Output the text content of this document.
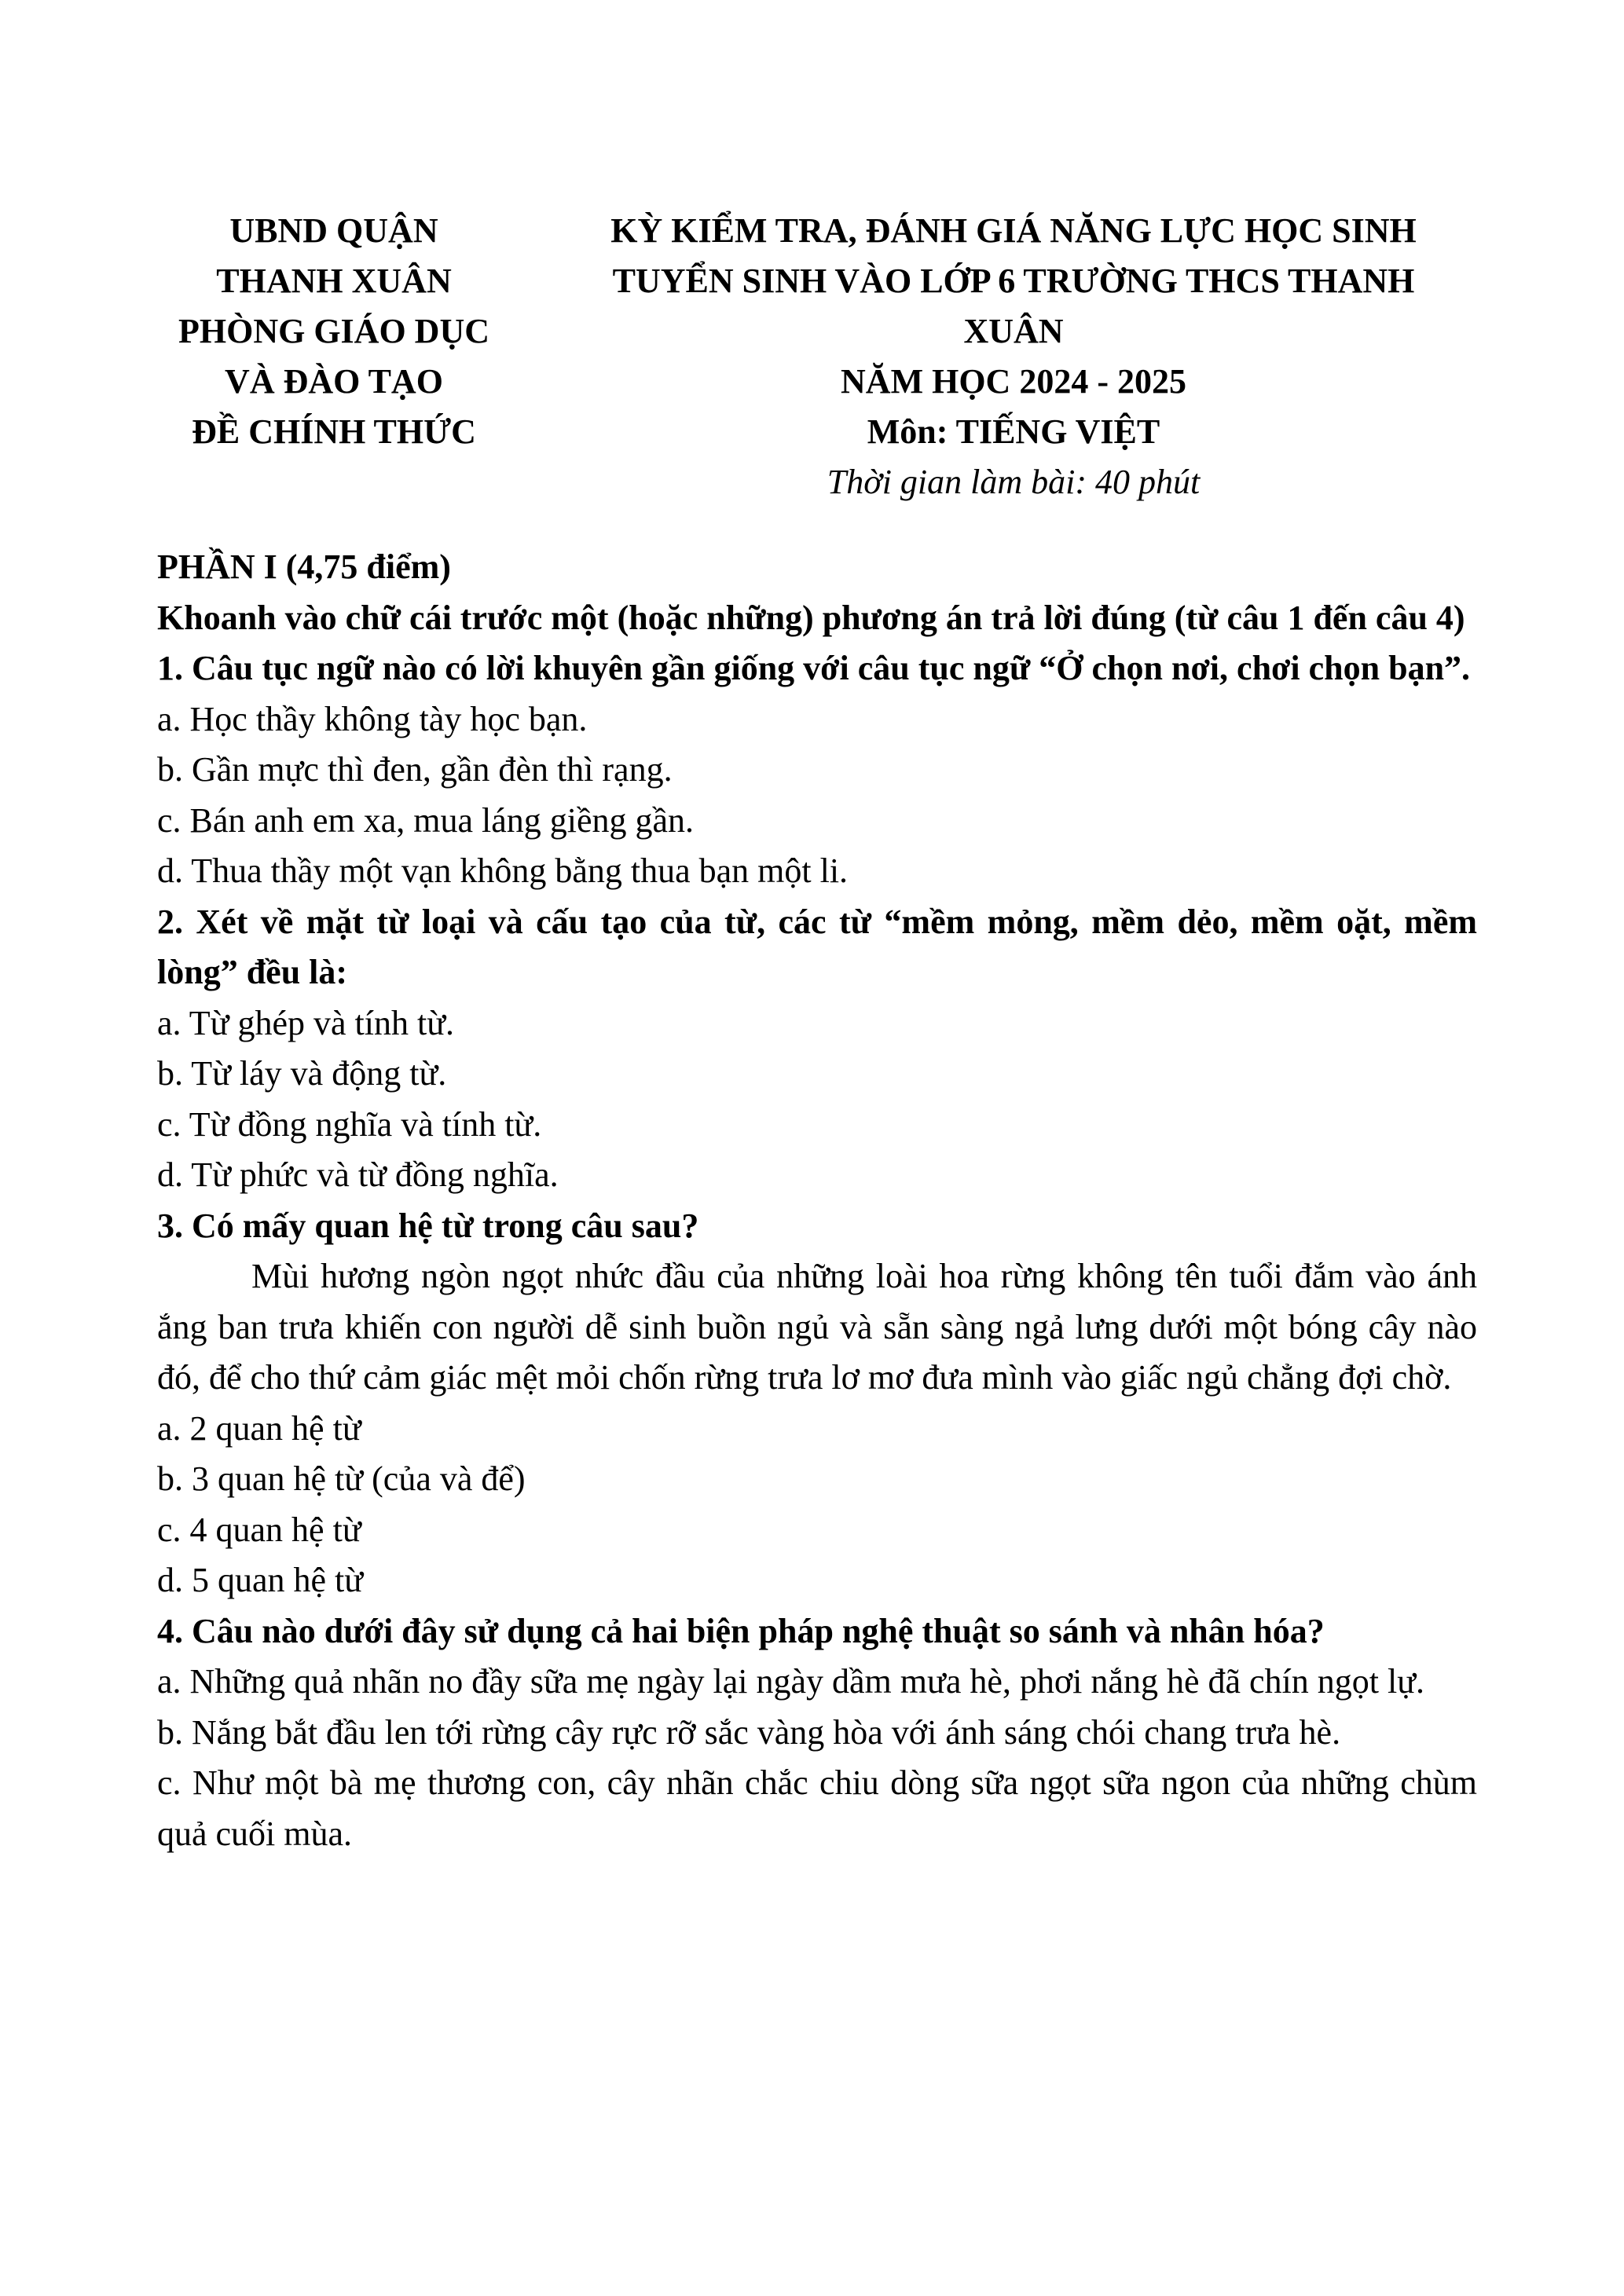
UBND QUẬN
THANH XUÂN
PHÒNG GIÁO DỤC
VÀ ĐÀO TẠO
ĐỀ CHÍNH THỨC
KỲ KIỂM TRA, ĐÁNH GIÁ NĂNG LỰC HỌC SINH
TUYỂN SINH VÀO LỚP 6 TRƯỜNG THCS THANH
XUÂN
NĂM HỌC 2024 - 2025
Môn: TIẾNG VIỆT
Thời gian làm bài: 40 phút

PHẦN I (4,75 điểm)

Khoanh vào chữ cái trước một (hoặc những) phương án trả lời đúng (từ câu 1 đến câu 4)

1. Câu tục ngữ nào có lời khuyên gần giống với câu tục ngữ “Ở chọn nơi, chơi chọn bạn”.

a. Học thầy không tày học bạn.

b. Gần mực thì đen, gần đèn thì rạng.

c. Bán anh em xa, mua láng giềng gần.

d. Thua thầy một vạn không bằng thua bạn một li.

2. Xét về mặt từ loại và cấu tạo của từ, các từ “mềm mỏng, mềm dẻo, mềm oặt, mềm lòng” đều là:

a. Từ ghép và tính từ.

b. Từ láy và động từ.

c. Từ đồng nghĩa và tính từ.

d. Từ phức và từ đồng nghĩa.

3. Có mấy quan hệ từ trong câu sau?

Mùi hương ngòn ngọt nhức đầu của những loài hoa rừng không tên tuổi đắm vào ánh ắng ban trưa khiến con người dễ sinh buồn ngủ và sẵn sàng ngả lưng dưới một bóng cây nào đó, để cho thứ cảm giác mệt mỏi chốn rừng trưa lơ mơ đưa mình vào giấc ngủ chẳng đợi chờ.

a. 2 quan hệ từ

b. 3 quan hệ từ (của và để)

c. 4 quan hệ từ

d. 5 quan hệ từ

4. Câu nào dưới đây sử dụng cả hai biện pháp nghệ thuật so sánh và nhân hóa?

a. Những quả nhãn no đầy sữa mẹ ngày lại ngày dầm mưa hè, phơi nắng hè đã chín ngọt lự.

b. Nắng bắt đầu len tới rừng cây rực rỡ sắc vàng hòa với ánh sáng chói chang trưa hè.

c. Như một bà mẹ thương con, cây nhãn chắc chiu dòng sữa ngọt sữa ngon của những chùm quả cuối mùa.
